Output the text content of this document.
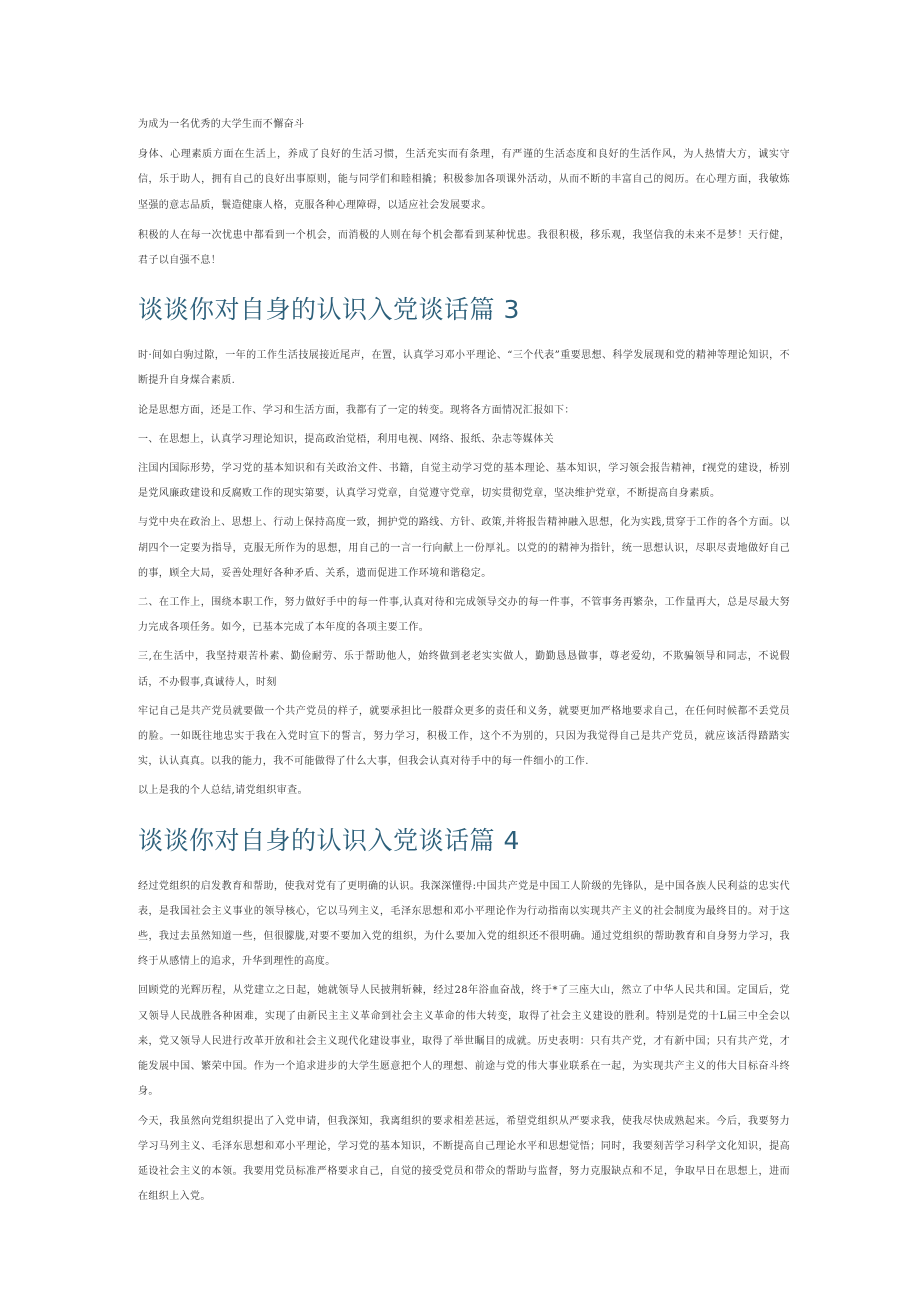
为成为一名优秀的大学生而不懈奋斗

身体、心理素质方面在生活上，养成了良好的生活习惯，生活充实而有条理，有严谨的生活态度和良好的生活作风，为人热情大方，诚实守信，乐于助人，拥有自己的良好出事原则，能与同学们和睦相撬；积极参加各项课外活动，从而不断的丰富自己的阅历。在心理方面，我敏炼坚强的意志品质，鬟造健康人格，克服各种心理障碍，以适应社会发展要求。

积极的人在每一次忧患中都看到一个机会，而消极的人则在每个机会都看到某种忧患。我很积极，移乐观，我坚信我的未来不是梦！天行健，君子以自强不息！

谈谈你对自身的认识入党谈话篇 3

时·间如白驹过隙，一年的工作生活技展接近尾声，在置，认真学习邓小平理论、“三个代表”重要思想、科学发展现和党的精神等理论知识，不断提升自身煤合素质.

论是思想方面，还是工作、学习和生活方面，我都有了一定的转变。现将各方面情况汇报如下：

一、在思想上，认真学习理论知识，提高政治觉梧，利用电视、网络、报纸、杂志等媒体关

注国内国际形势，学习党的基本知识和有关政治文件、书籍，自觉主动学习党的基本理论、基本知识，学习领会报告精神，f视党的建设，桥别是党风廉政建设和反腐败工作的现实第要，认真学习党章，自觉遵守党章，切实贯彻党章，坚决维护党章，不断提高自身素质。

与党中央在政治上、思想上、行动上保持高度一致，拥护党的路线、方针、政策,并将报告精神融入思想，化为实践,贯穿于工作的各个方面。以胡四个一定要为指导，克服无所作为的思想，用自己的一言一行向献上一份厚礼。以党的的精神为指针，统一思想认识，尽职尽责地做好自己的事，顾全大局，妥善处理好各种矛盾、关系，遗而促进工作环境和谐稳定。

二、在工作上，围绕本职工作，努力做好手中的每一件事,认真对待和完成领导交办的每一件事，不管事务再繁杂，工作量再大，总是尽最大努力完成各项任务。如今，已基本完成了本年度的各项主要工作。

三,在生活中，我坚持艰苦朴素、勤俭耐劳、乐于帮助他人，始终做到老老实实做人，勤勤恳恳做事，尊老爱幼，不欺骗领导和同志，不说假话，不办假事,真诚待人，时刻

牢记自己是共产党员就要做一个共产党员的样子，就要承担比一般群众更多的责任和义务，就要更加严格地要求自己，在任何时候都不丢党员的脸。一如既往地忠实于我在入党时宣下的誓言，努力学习，积极工作，这个不为别的，只因为我觉得自己是共产党员，就应该活得踏踏实实，认认真真。以我的能力，我不可能做得了什么大事，但我会认真对待手中的每一件细小的工作.

以上是我的个人总结,请党组织审查。

谈谈你对自身的认识入党谈话篇 4

经过党组织的启发教育和帮助，使我对党有了更明确的认识。我深深懂得:中国共产党是中国工人阶级的先锋队，是中国各族人民利益的忠实代表，是我国社会主义事业的领导核心，它以马列主义，毛泽东思想和邓小平理论作为行动指南以实现共产主义的社会制度为最终目的。对于这些，我过去虽然知道一些，但很朦胧,对要不要加入党的组织，为什么要加入党的组织还不很明确。通过党组织的帮助教育和自身努力学习，我终于从感情上的追求，升华到理性的高度。

回顾党的光辉历程，从党建立之日起，她就领导人民披荆斩棘，经过28年浴血奋战，终于*了三座大山，然立了中华人民共和国。定国后，党又领导人民战胜各种困难，实现了由新民主主义革命到社会主义革命的伟大转变，取得了社会主义建设的胜利。特别是党的十L届三中全会以来，党又领导人民进行改革开放和社会主义现代化建设事业，取得了举世瞩目的成就。历史表明：只有共产党，才有新中国；只有共产党，才能发展中国、繁荣中国。作为一个追求进步的大学生愿意把个人的理想、前途与党的伟大事业联系在一起，为实现共产主义的伟大目标奋斗终身。

今天，我虽然向党组织提出了入党申请，但我深知，我离组织的要求相差甚远，希望党组织从严要求我，使我尽快成熟起来。今后，我要努力学习马列主义、毛泽东思想和邓小平理论，学习党的基本知识，不断提高自己理论水平和思想觉悟；同时，我要刻苦学习科学文化知识，提高延设社会主义的本领。我要用党员标准严格要求自己，自觉的接受党员和带众的帮助与监督，努力克服缺点和不足，争取早日在思想上，进而在组织上入党。
